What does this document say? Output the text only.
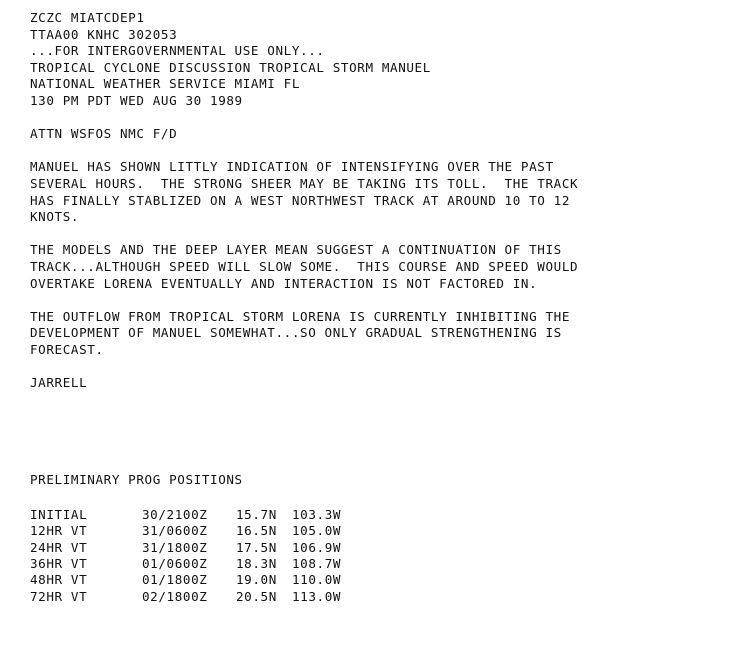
ZCZC MIATCDEP1
TTAA00 KNHC 302053
...FOR INTERGOVERNMENTAL USE ONLY...
TROPICAL CYCLONE DISCUSSION TROPICAL STORM MANUEL
NATIONAL WEATHER SERVICE MIAMI FL
130 PM PDT WED AUG 30 1989
ATTN WSFOS NMC F/D
MANUEL HAS SHOWN LITTLY INDICATION OF INTENSIFYING OVER THE PAST
SEVERAL HOURS.  THE STRONG SHEER MAY BE TAKING ITS TOLL.  THE TRACK
HAS FINALLY STABLIZED ON A WEST NORTHWEST TRACK AT AROUND 10 TO 12
KNOTS.
THE MODELS AND THE DEEP LAYER MEAN SUGGEST A CONTINUATION OF THIS
TRACK...ALTHOUGH SPEED WILL SLOW SOME.  THIS COURSE AND SPEED WOULD
OVERTAKE LORENA EVENTUALLY AND INTERACTION IS NOT FACTORED IN.
THE OUTFLOW FROM TROPICAL STORM LORENA IS CURRENTLY INHIBITING THE
DEVELOPMENT OF MANUEL SOMEWHAT...SO ONLY GRADUAL STRENGTHENING IS
FORECAST.
JARRELL
PRELIMINARY PROG POSITIONS
INITIAL	30/2100Z	15.7N	103.3W
12HR VT	31/0600Z	16.5N	105.0W
24HR VT	31/1800Z	17.5N	106.9W
36HR VT	01/0600Z	18.3N	108.7W
48HR VT	01/1800Z	19.0N	110.0W
72HR VT	02/1800Z	20.5N	113.0W
